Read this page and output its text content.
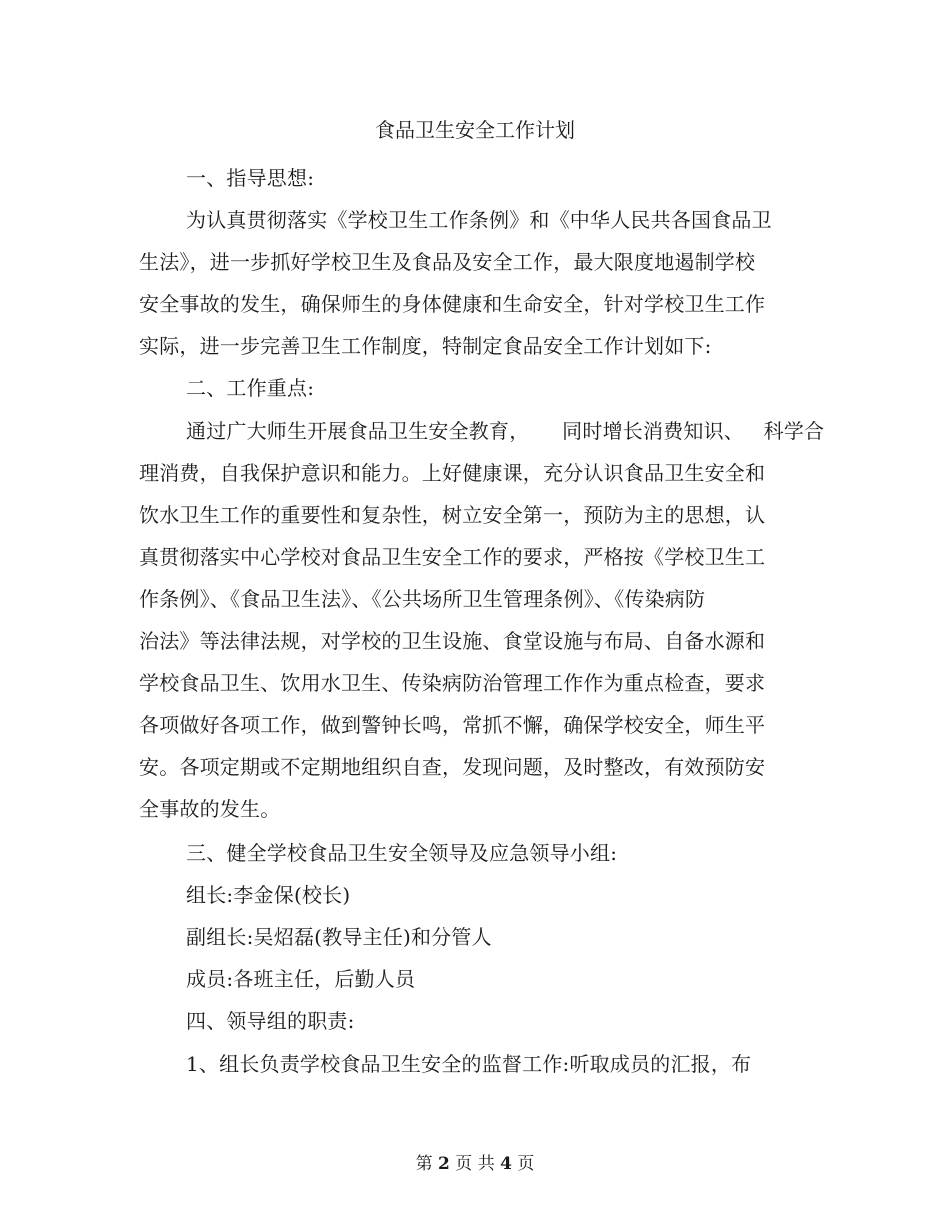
食品卫生安全工作计划
一、指导思想:
为认真贯彻落实《学校卫生工作条例》和《中华人民共各国食品卫
生法》，进一步抓好学校卫生及食品及安全工作，最大限度地遏制学校
安全事故的发生，确保师生的身体健康和生命安全，针对学校卫生工作
实际，进一步完善卫生工作制度，特制定食品安全工作计划如下:
二、工作重点:
通过广大师生开展食品卫生安全教育，     同时增长消费知识、   科学合
理消费，自我保护意识和能力。上好健康课，充分认识食品卫生安全和
饮水卫生工作的重要性和复杂性，树立安全第一，预防为主的思想，认
真贯彻落实中心学校对食品卫生安全工作的要求，严格按《学校卫生工
作条例》、《食品卫生法》、《公共场所卫生管理条例》、《传染病防
治法》等法律法规，对学校的卫生设施、食堂设施与布局、自备水源和
学校食品卫生、饮用水卫生、传染病防治管理工作作为重点检查，要求
各项做好各项工作，做到警钟长鸣，常抓不懈，确保学校安全，师生平
安。各项定期或不定期地组织自查，发现问题，及时整改，有效预防安
全事故的发生。
三、健全学校食品卫生安全领导及应急领导小组:
组长:李金保(校长)
副组长:吴炤磊(教导主任)和分管人
成员:各班主任，后勤人员
四、领导组的职责:
1、组长负责学校食品卫生安全的监督工作:听取成员的汇报，布
第 2 页 共 4 页
